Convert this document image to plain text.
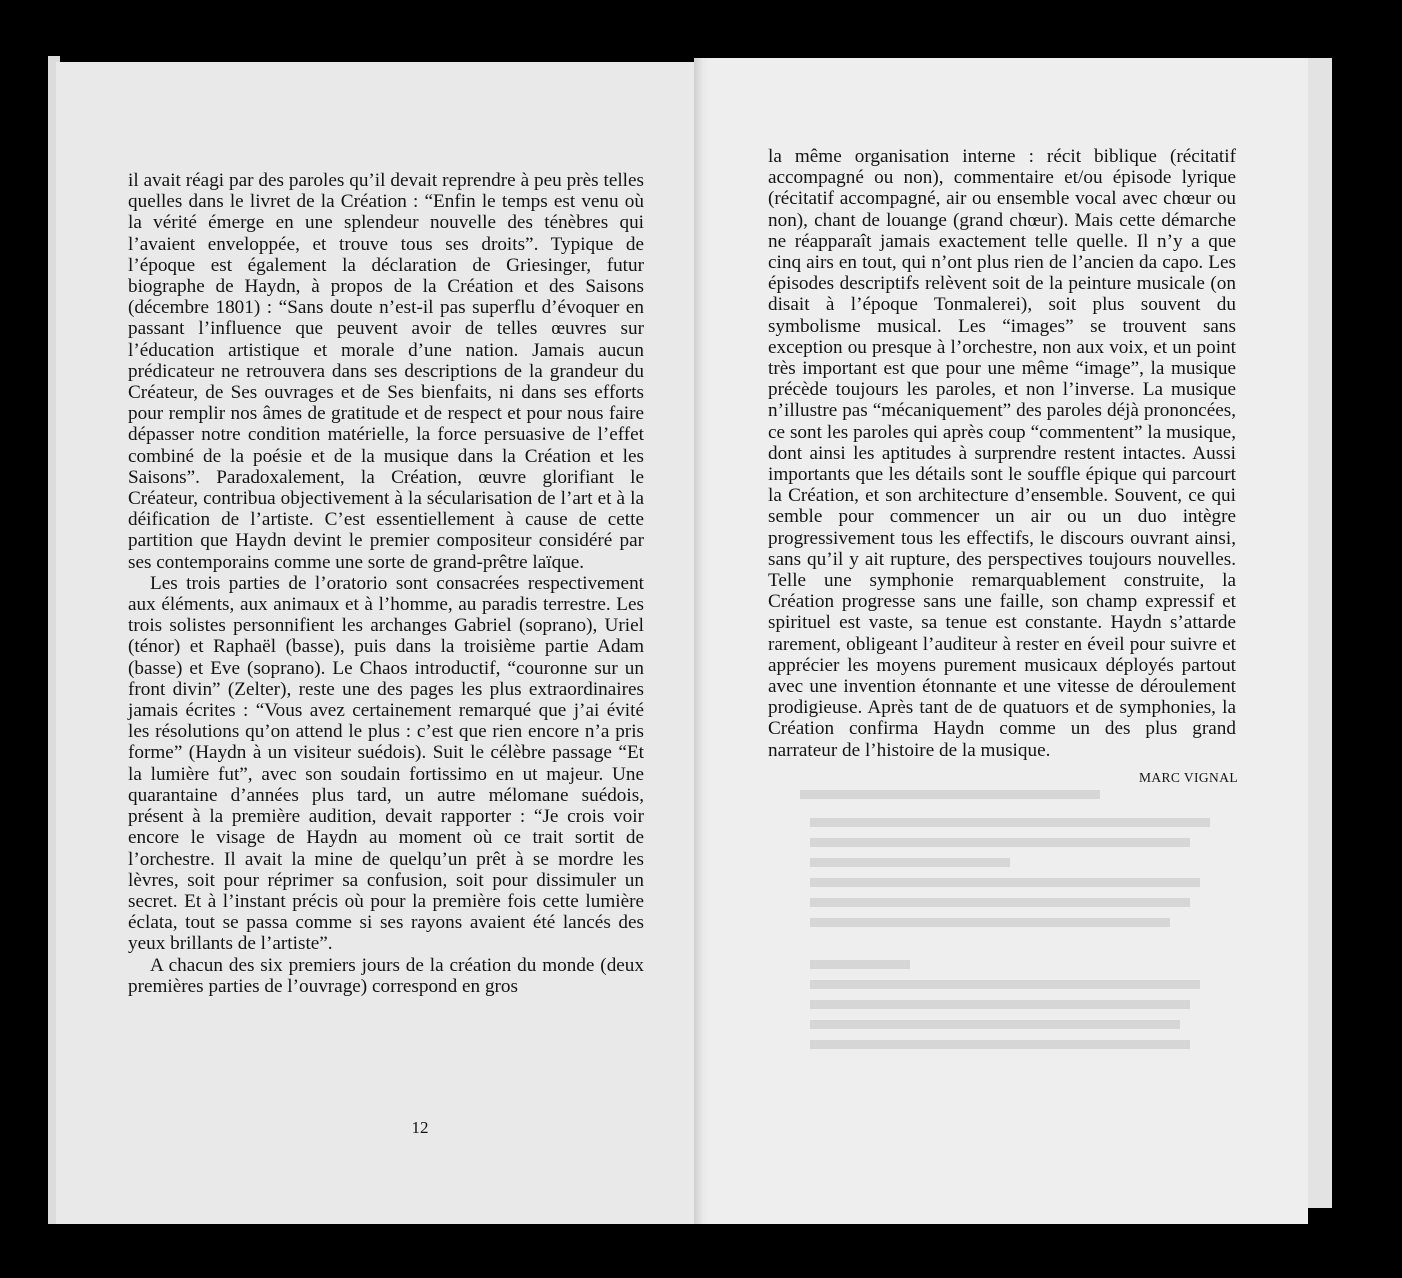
il avait réagi par des paroles qu’il devait reprendre à peu près telles quelles dans le livret de la Création : “Enfin le temps est venu où la vérité émerge en une splendeur nouvelle des ténèbres qui l’avaient enveloppée, et trouve tous ses droits”. Typique de l’époque est également la déclaration de Griesinger, futur biographe de Haydn, à propos de la Création et des Saisons (décembre 1801) : “Sans doute n’est-il pas superflu d’évoquer en passant l’influence que peuvent avoir de telles œuvres sur l’éducation artistique et morale d’une nation. Jamais aucun prédicateur ne retrouvera dans ses descriptions de la grandeur du Créateur, de Ses ouvrages et de Ses bienfaits, ni dans ses efforts pour remplir nos âmes de gratitude et de respect et pour nous faire dépasser notre condition matérielle, la force persuasive de l’effet combiné de la poésie et de la musique dans la Création et les Saisons”. Paradoxalement, la Création, œuvre glorifiant le Créateur, contribua objectivement à la sécularisation de l’art et à la déification de l’artiste. C’est essentiellement à cause de cette partition que Haydn devint le premier compositeur considéré par ses contemporains comme une sorte de grand-prêtre laïque.

Les trois parties de l’oratorio sont consacrées respectivement aux éléments, aux animaux et à l’homme, au paradis terrestre. Les trois solistes personnifient les archanges Gabriel (soprano), Uriel (ténor) et Raphaël (basse), puis dans la troisième partie Adam (basse) et Eve (soprano). Le Chaos introductif, “couronne sur un front divin” (Zelter), reste une des pages les plus extraordinaires jamais écrites : “Vous avez certainement remarqué que j’ai évité les résolutions qu’on attend le plus : c’est que rien encore n’a pris forme” (Haydn à un visiteur suédois). Suit le célèbre passage “Et la lumière fut”, avec son soudain fortissimo en ut majeur. Une quarantaine d’années plus tard, un autre mélomane suédois, présent à la première audition, devait rapporter : “Je crois voir encore le visage de Haydn au moment où ce trait sortit de l’orchestre. Il avait la mine de quelqu’un prêt à se mordre les lèvres, soit pour réprimer sa confusion, soit pour dissimuler un secret. Et à l’instant précis où pour la première fois cette lumière éclata, tout se passa comme si ses rayons avaient été lancés des yeux brillants de l’artiste”.

A chacun des six premiers jours de la création du monde (deux premières parties de l’ouvrage) correspond en gros

12

la même organisation interne : récit biblique (récitatif accompagné ou non), commentaire et/ou épisode lyrique (récitatif accompagné, air ou ensemble vocal avec chœur ou non), chant de louange (grand chœur). Mais cette démarche ne réapparaît jamais exactement telle quelle. Il n’y a que cinq airs en tout, qui n’ont plus rien de l’ancien da capo. Les épisodes descriptifs relèvent soit de la peinture musicale (on disait à l’époque Tonmalerei), soit plus souvent du symbolisme musical. Les “images” se trouvent sans exception ou presque à l’orchestre, non aux voix, et un point très important est que pour une même “image”, la musique précède toujours les paroles, et non l’inverse. La musique n’illustre pas “mécaniquement” des paroles déjà prononcées, ce sont les paroles qui après coup “commentent” la musique, dont ainsi les aptitudes à surprendre restent intactes. Aussi importants que les détails sont le souffle épique qui parcourt la Création, et son architecture d’ensemble. Souvent, ce qui semble pour commencer un air ou un duo intègre progressivement tous les effectifs, le discours ouvrant ainsi, sans qu’il y ait rupture, des perspectives toujours nouvelles. Telle une symphonie remarquablement construite, la Création progresse sans une faille, son champ expressif et spirituel est vaste, sa tenue est constante. Haydn s’attarde rarement, obligeant l’auditeur à rester en éveil pour suivre et apprécier les moyens purement musicaux déployés partout avec une invention étonnante et une vitesse de déroulement prodigieuse. Après tant de de quatuors et de symphonies, la Création confirma Haydn comme un des plus grand narrateur de l’histoire de la musique.

MARC VIGNAL
